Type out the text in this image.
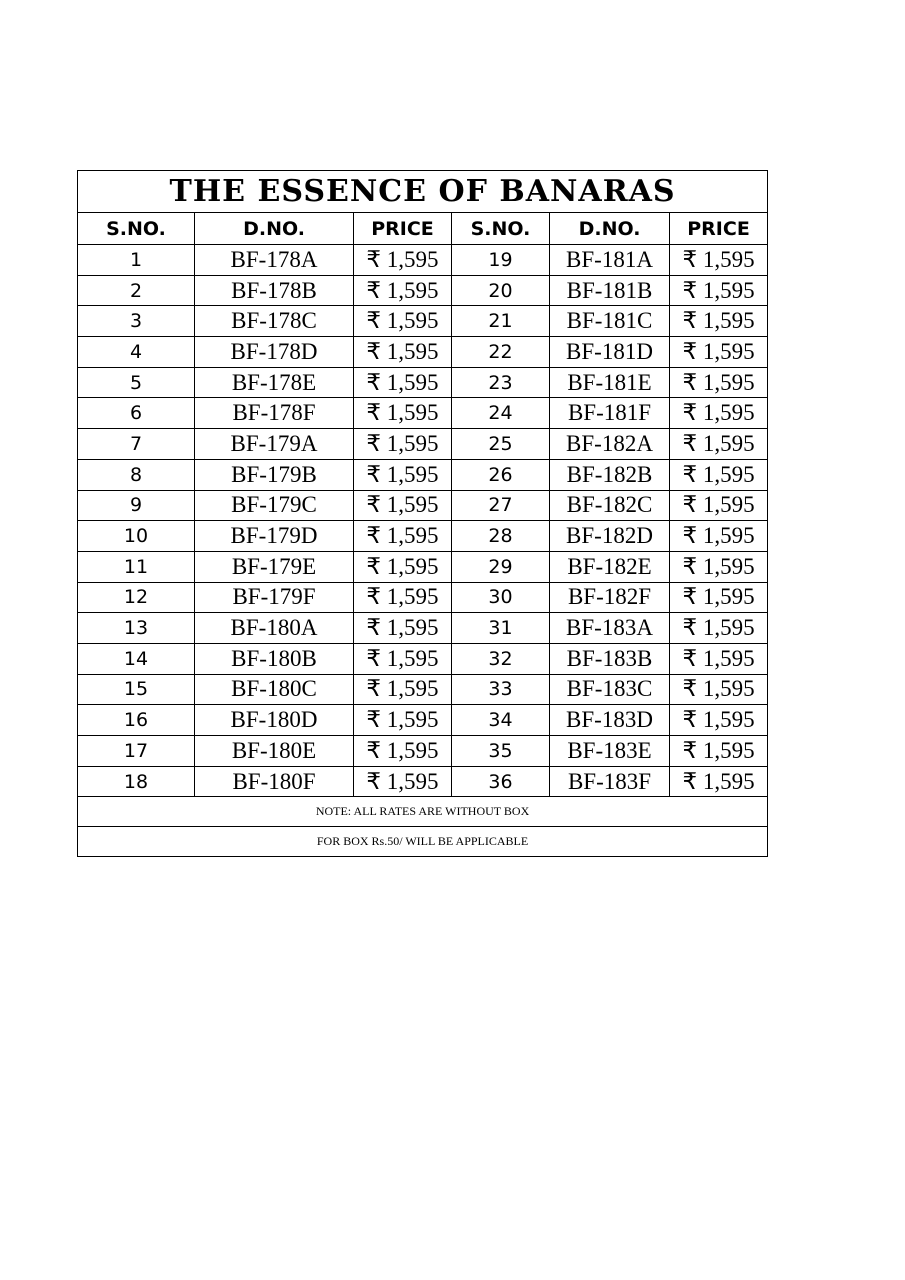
THE ESSENCE OF BANARAS					
S.NO.	D.NO.	PRICE	S.NO.	D.NO.	PRICE
1	BF-178A	₹ 1,595	19	BF-181A	₹ 1,595
2	BF-178B	₹ 1,595	20	BF-181B	₹ 1,595
3	BF-178C	₹ 1,595	21	BF-181C	₹ 1,595
4	BF-178D	₹ 1,595	22	BF-181D	₹ 1,595
5	BF-178E	₹ 1,595	23	BF-181E	₹ 1,595
6	BF-178F	₹ 1,595	24	BF-181F	₹ 1,595
7	BF-179A	₹ 1,595	25	BF-182A	₹ 1,595
8	BF-179B	₹ 1,595	26	BF-182B	₹ 1,595
9	BF-179C	₹ 1,595	27	BF-182C	₹ 1,595
10	BF-179D	₹ 1,595	28	BF-182D	₹ 1,595
11	BF-179E	₹ 1,595	29	BF-182E	₹ 1,595
12	BF-179F	₹ 1,595	30	BF-182F	₹ 1,595
13	BF-180A	₹ 1,595	31	BF-183A	₹ 1,595
14	BF-180B	₹ 1,595	32	BF-183B	₹ 1,595
15	BF-180C	₹ 1,595	33	BF-183C	₹ 1,595
16	BF-180D	₹ 1,595	34	BF-183D	₹ 1,595
17	BF-180E	₹ 1,595	35	BF-183E	₹ 1,595
18	BF-180F	₹ 1,595	36	BF-183F	₹ 1,595
NOTE: ALL RATES ARE WITHOUT BOX					
FOR BOX Rs.50/ WILL BE APPLICABLE					
